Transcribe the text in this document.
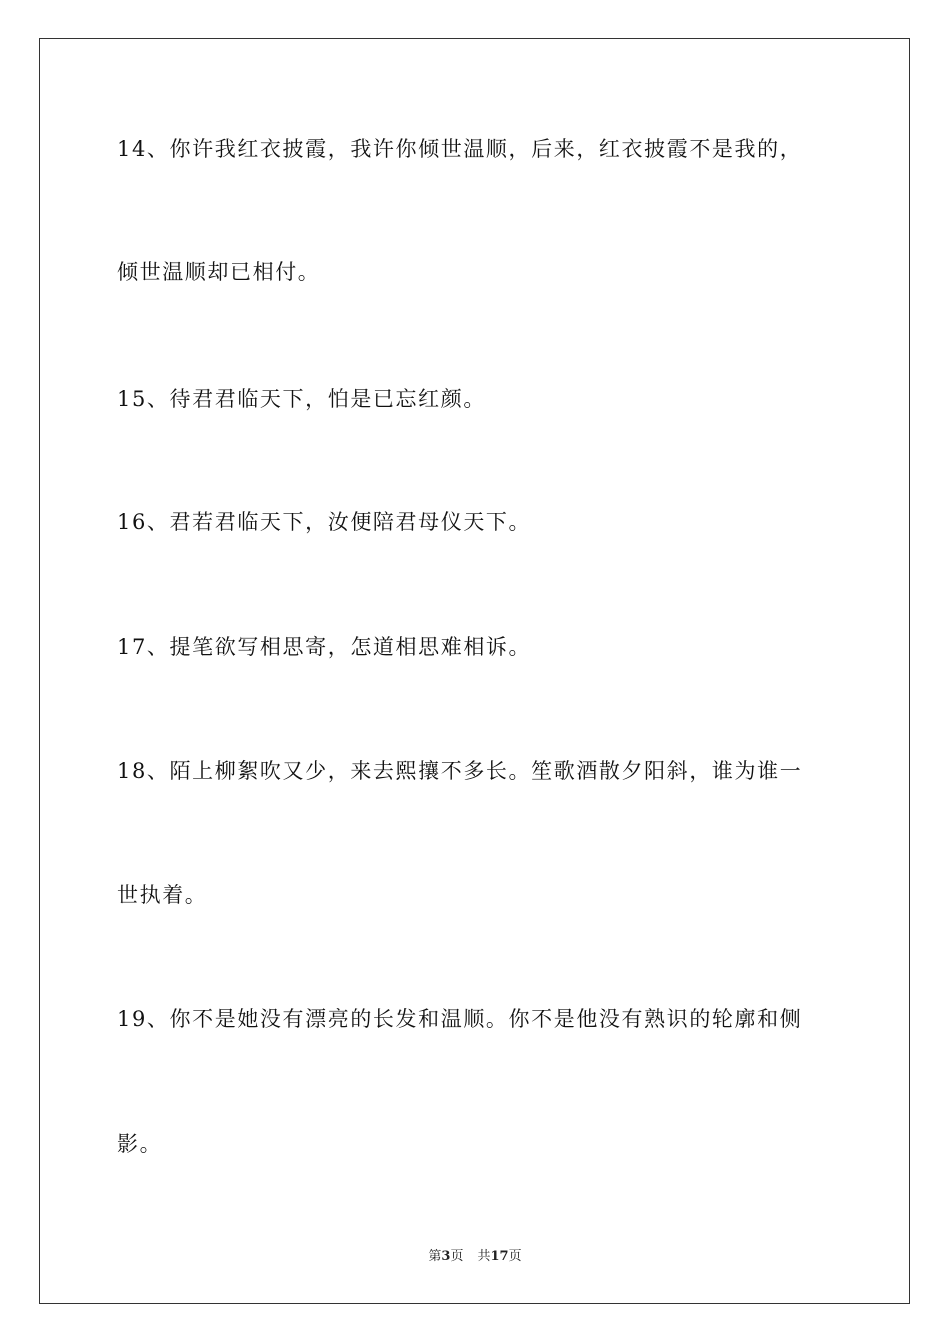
14、你许我红衣披霞，我许你倾世温顺，后来，红衣披霞不是我的，
倾世温顺却已相付。
15、待君君临天下，怕是已忘红颜。
16、君若君临天下，汝便陪君母仪天下。
17、提笔欲写相思寄，怎道相思难相诉。
18、陌上柳絮吹又少，来去熙攘不多长。笙歌酒散夕阳斜，谁为谁一
世执着。
19、你不是她没有漂亮的长发和温顺。你不是他没有熟识的轮廓和侧
影。
第3页 共17页
